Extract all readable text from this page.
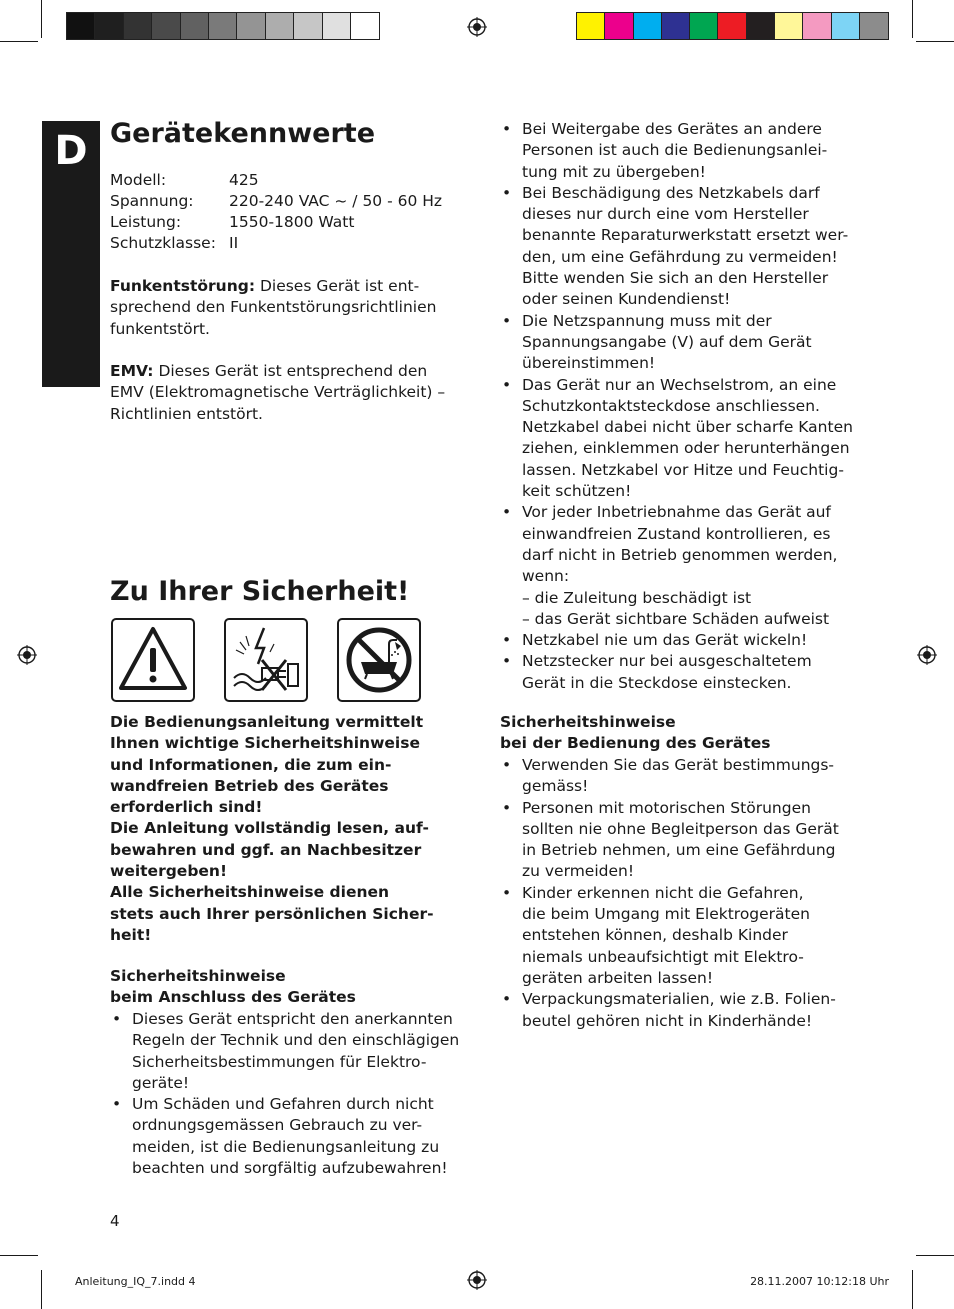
D Gerätekennwerte
Modell:	425
Spannung:	220-240 VAC ~ / 50 - 60 Hz
Leistung:	1550-1800 Watt
Schutzklasse: II
Funkentstörung: Dieses Gerät ist ent-
sprechend den Funkentstörungsrichtlinien
funkentstört.
EMV: Dieses Gerät ist entsprechend den
EMV (Elektromagnetische Verträglichkeit) –
Richtlinien entstört.
Zu Ihrer Sicherheit!
Die Bedienungsanleitung vermittelt
Ihnen wichtige Sicherheitshinweise
und Informationen, die zum ein-
wandfreien Betrieb des Gerätes
erforderlich sind!
Die Anleitung vollständig lesen, auf-
bewahren und ggf. an Nachbesitzer
weitergeben!
Alle Sicherheitshinweise dienen
stets auch Ihrer persönlichen Sicher-
heit!
Sicherheitshinweise
beim Anschluss des Gerätes
• Dieses Gerät entspricht den anerkannten
Regeln der Technik und den einschlägigen
Sicherheitsbestimmungen für Elektro-
geräte!
• Um Schäden und Gefahren durch nicht
ordnungsgemässen Gebrauch zu ver-
meiden, ist die Bedienungsanleitung zu
beachten und sorgfältig aufzubewahren!
• Bei Weitergabe des Gerätes an andere
Personen ist auch die Bedienungsanlei-
tung mit zu übergeben!
• Bei Beschädigung des Netzkabels darf
dieses nur durch eine vom Hersteller
benannte Reparaturwerkstatt ersetzt wer-
den, um eine Gefährdung zu vermeiden!
Bitte wenden Sie sich an den Hersteller
oder seinen Kundendienst!
• Die Netzspannung muss mit der
Spannungsangabe (V) auf dem Gerät
übereinstimmen!
• Das Gerät nur an Wechselstrom, an eine
Schutzkontaktsteckdose anschliessen.
Netzkabel dabei nicht über scharfe Kanten
ziehen, einklemmen oder herunterhängen
lassen. Netzkabel vor Hitze und Feuchtig-
keit schützen!
• Vor jeder Inbetriebnahme das Gerät auf
einwandfreien Zustand kontrollieren, es
darf nicht in Betrieb genommen werden,
wenn:
– die Zuleitung beschädigt ist
– das Gerät sichtbare Schäden aufweist
• Netzkabel nie um das Gerät wickeln!
• Netzstecker nur bei ausgeschaltetem
Gerät in die Steckdose einstecken.
Sicherheitshinweise
bei der Bedienung des Gerätes
• Verwenden Sie das Gerät bestimmungs-
gemäss!
• Personen mit motorischen Störungen
sollten nie ohne Begleitperson das Gerät
in Betrieb nehmen, um eine Gefährdung
zu vermeiden!
• Kinder erkennen nicht die Gefahren,
die beim Umgang mit Elektrogeräten
entstehen können, deshalb Kinder
niemals unbeaufsichtigt mit Elektro-
geräten arbeiten lassen!
• Verpackungsmaterialien, wie z.B. Folien-
beutel gehören nicht in Kinderhände!
4
Anleitung_IQ_7.indd 4	28.11.2007 10:12:18 Uhr
